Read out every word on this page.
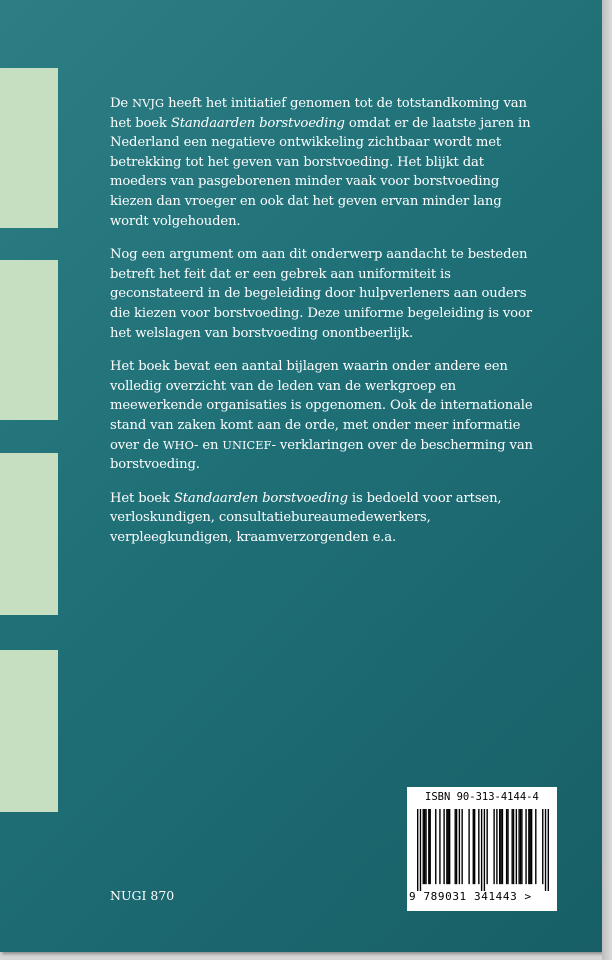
De NVJG heeft het initiatief genomen tot de totstandkoming van
het boek Standaarden borstvoeding omdat er de laatste jaren in
Nederland een negatieve ontwikkeling zichtbaar wordt met
betrekking tot het geven van borstvoeding. Het blijkt dat
moeders van pasgeborenen minder vaak voor borstvoeding
kiezen dan vroeger en ook dat het geven ervan minder lang
wordt volgehouden.
Nog een argument om aan dit onderwerp aandacht te besteden
betreft het feit dat er een gebrek aan uniformiteit is
geconstateerd in de begeleiding door hulpverleners aan ouders
die kiezen voor borstvoeding. Deze uniforme begeleiding is voor
het welslagen van borstvoeding onontbeerlijk.
Het boek bevat een aantal bijlagen waarin onder andere een
volledig overzicht van de leden van de werkgroep en
meewerkende organisaties is opgenomen. Ook de internationale
stand van zaken komt aan de orde, met onder meer informatie
over de WHO- en UNICEF- verklaringen over de bescherming van
borstvoeding.
Het boek Standaarden borstvoeding is bedoeld voor artsen,
verloskundigen, consultatiebureaumedewerkers,
verpleegkundigen, kraamverzorgenden e.a.
NUGI 870
ISBN 90-313-4144-4
9 789031 341443 >
